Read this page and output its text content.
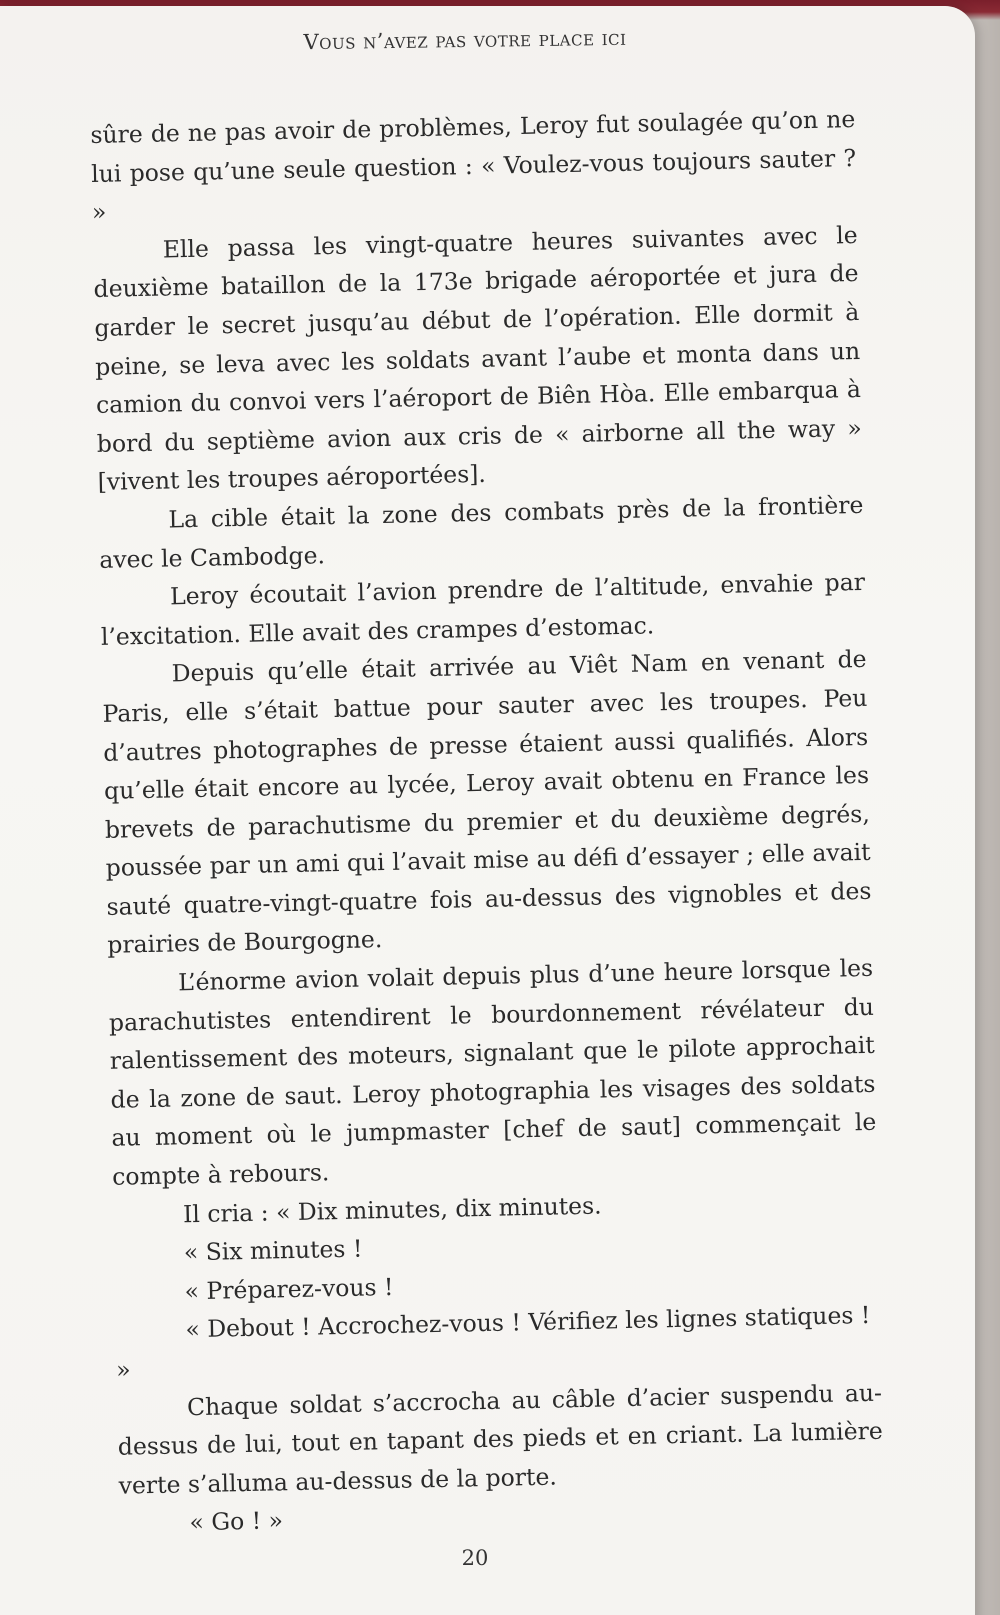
Vous n’avez pas votre place ici

sûre de ne pas avoir de problèmes, Leroy fut soulagée qu’on ne lui pose qu’une seule question : « Voulez-vous toujours sauter ? »

Elle passa les vingt-quatre heures suivantes avec le deuxième bataillon de la 173e brigade aéroportée et jura de garder le secret jusqu’au début de l’opération. Elle dormit à peine, se leva avec les soldats avant l’aube et monta dans un camion du convoi vers l’aéroport de Biên Hòa. Elle embarqua à bord du septième avion aux cris de « airborne all the way » [vivent les troupes aéroportées].

La cible était la zone des combats près de la frontière avec le Cambodge.

Leroy écoutait l’avion prendre de l’altitude, envahie par l’excitation. Elle avait des crampes d’estomac.

Depuis qu’elle était arrivée au Viêt Nam en venant de Paris, elle s’était battue pour sauter avec les troupes. Peu d’autres photographes de presse étaient aussi qualifiés. Alors qu’elle était encore au lycée, Leroy avait obtenu en France les brevets de parachutisme du premier et du deuxième degrés, poussée par un ami qui l’avait mise au défi d’essayer ; elle avait sauté quatre-vingt-quatre fois au-dessus des vignobles et des prairies de Bourgogne.

L’énorme avion volait depuis plus d’une heure lorsque les parachutistes entendirent le bourdonnement révélateur du ralentissement des moteurs, signalant que le pilote approchait de la zone de saut. Leroy photographia les visages des soldats au moment où le jumpmaster [chef de saut] commençait le compte à rebours.

Il cria : « Dix minutes, dix minutes.

« Six minutes !

« Préparez-vous !

« Debout ! Accrochez-vous ! Vérifiez les lignes statiques ! »

Chaque soldat s’accrocha au câble d’acier suspendu au-dessus de lui, tout en tapant des pieds et en criant. La lumière verte s’alluma au-dessus de la porte.

« Go ! »

20
